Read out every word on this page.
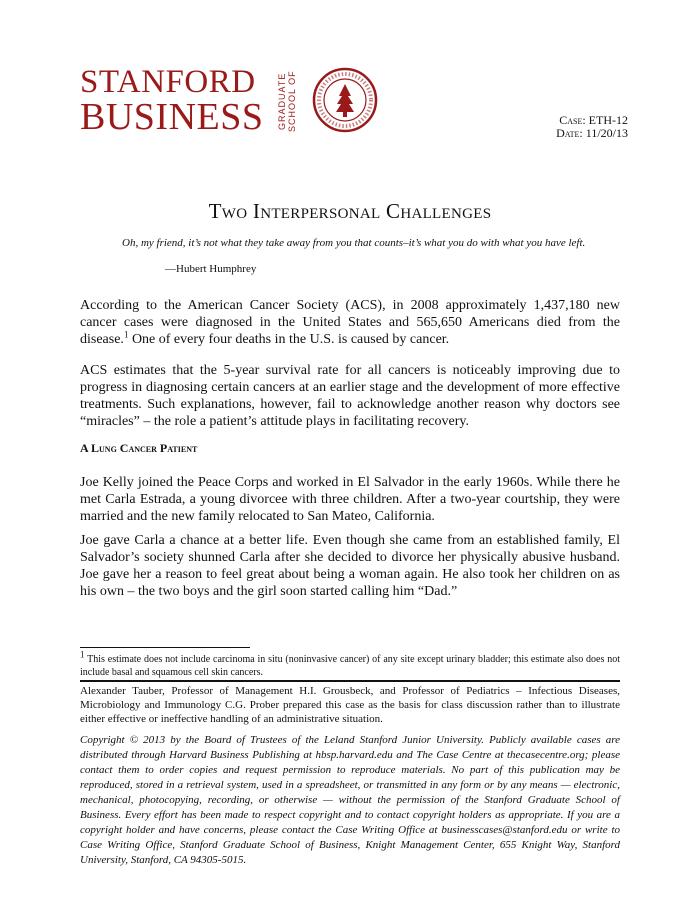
STANFORD
BUSINESS GRADUATE SCHOOL OF	Case: ETH-12
Date: 11/20/13
Two Interpersonal Challenges
Oh, my friend, it’s not what they take away from you that counts–it’s what you do with what you have left.
—Hubert Humphrey
According to the American Cancer Society (ACS), in 2008 approximately 1,437,180 new cancer cases were diagnosed in the United States and 565,650 Americans died from the disease.$^1$ One of every four deaths in the U.S. is caused by cancer.
ACS estimates that the 5-year survival rate for all cancers is noticeably improving due to progress in diagnosing certain cancers at an earlier stage and the development of more effective treatments. Such explanations, however, fail to acknowledge another reason why doctors see “miracles” – the role a patient’s attitude plays in facilitating recovery.
A Lung Cancer Patient
Joe Kelly joined the Peace Corps and worked in El Salvador in the early 1960s. While there he met Carla Estrada, a young divorcee with three children. After a two-year courtship, they were married and the new family relocated to San Mateo, California.
Joe gave Carla a chance at a better life. Even though she came from an established family, El Salvador’s society shunned Carla after she decided to divorce her physically abusive husband. Joe gave her a reason to feel great about being a woman again. He also took her children on as his own – the two boys and the girl soon started calling him “Dad.”
$^1$ This estimate does not include carcinoma in situ (noninvasive cancer) of any site except urinary bladder; this estimate also does not include basal and squamous cell skin cancers.
Alexander Tauber, Professor of Management H.I. Grousbeck, and Professor of Pediatrics – Infectious Diseases, Microbiology and Immunology C.G. Prober prepared this case as the basis for class discussion rather than to illustrate either effective or ineffective handling of an administrative situation.
Copyright © 2013 by the Board of Trustees of the Leland Stanford Junior University. Publicly available cases are distributed through Harvard Business Publishing at hbsp.harvard.edu and The Case Centre at thecasecentre.org; please contact them to order copies and request permission to reproduce materials. No part of this publication may be reproduced, stored in a retrieval system, used in a spreadsheet, or transmitted in any form or by any means — electronic, mechanical, photocopying, recording, or otherwise — without the permission of the Stanford Graduate School of Business. Every effort has been made to respect copyright and to contact copyright holders as appropriate. If you are a copyright holder and have concerns, please contact the Case Writing Office at businesscases@stanford.edu or write to Case Writing Office, Stanford Graduate School of Business, Knight Management Center, 655 Knight Way, Stanford University, Stanford, CA 94305-5015.
